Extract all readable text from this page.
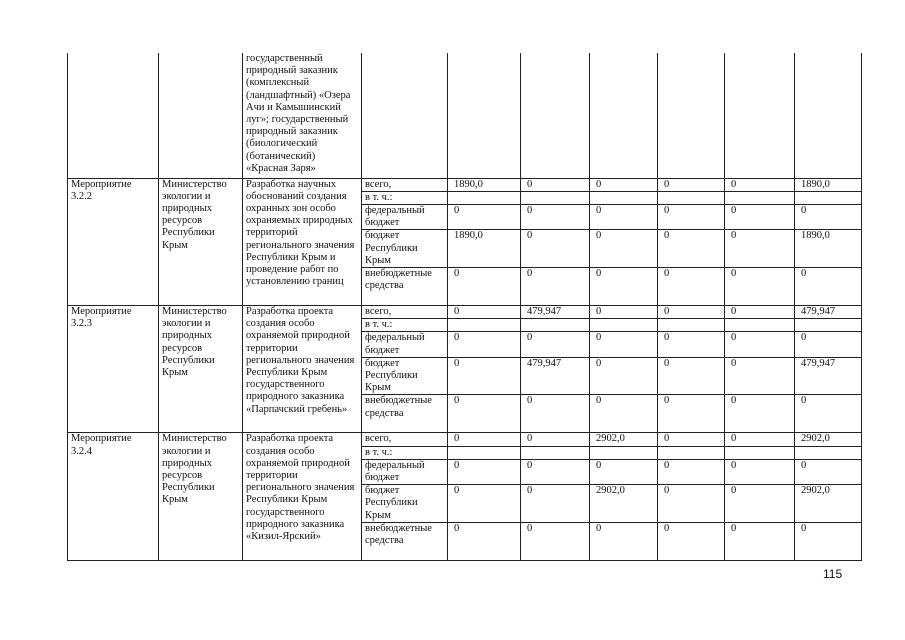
		государственный природный заказник (комплексный (ландшафтный) «Озера Ачи и Камышинский луг»; государственный природный заказник (биологический (ботанический) «Красная Заря»							
Мероприятие 3.2.2	Министерство экологии и природных ресурсов Республики Крым	Разработка научных обоснований создания охранных зон особо охраняемых природных территорий регионального значения Республики Крым и проведение работ по установлению границ	всего,	1890,0	0	0	0	0	1890,0
			в т. ч.:						
			федеральный бюджет	0	0	0	0	0	0
			бюджет Республики Крым	1890,0	0	0	0	0	1890,0
			внебюджетные средства	0	0	0	0	0	0
Мероприятие 3.2.3	Министерство экологии и природных ресурсов Республики Крым	Разработка проекта создания особо охраняемой природной территории регионального значения Республики Крым государственного природного заказника «Парпачский гребень»	всего,	0	479,947	0	0	0	479,947
			в т. ч.:						
			федеральный бюджет	0	0	0	0	0	0
			бюджет Республики Крым	0	479,947	0	0	0	479,947
			внебюджетные средства	0	0	0	0	0	0
Мероприятие 3.2.4	Министерство экологии и природных ресурсов Республики Крым	Разработка проекта создания особо охраняемой природной территории регионального значения Республики Крым государственного природного заказника «Кизил-Ярский»	всего,	0	0	2902,0	0	0	2902,0
			в т. ч.:						
			федеральный бюджет	0	0	0	0	0	0
			бюджет Республики Крым	0	0	2902,0	0	0	2902,0
			внебюджетные средства	0	0	0	0	0	0
115
